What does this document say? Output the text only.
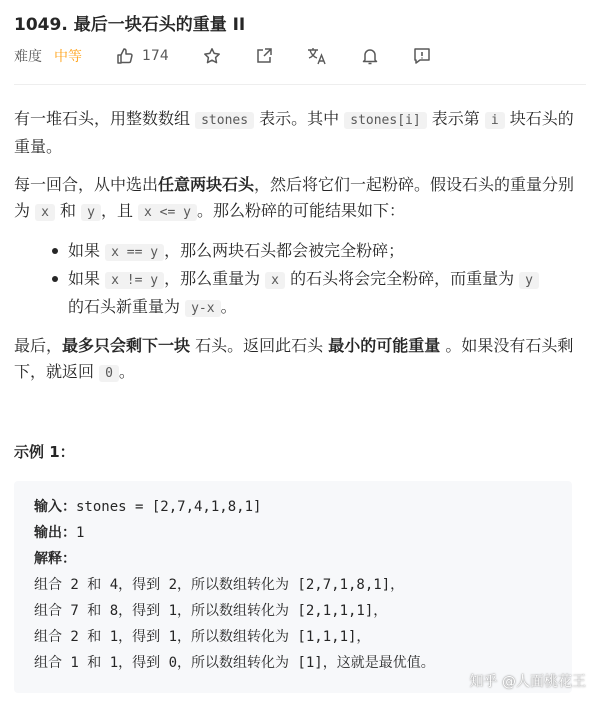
1049. 最后一块石头的重量 II
难度 中等	174
有一堆石头，用整数数组 stones 表示。其中 stones[i] 表示第 i 块石头的重量。
每一回合，从中选出任意两块石头，然后将它们一起粉碎。假设石头的重量分别为 x 和 y ，且 x <= y 。那么粉碎的可能结果如下：
如果 x == y ，那么两块石头都会被完全粉碎；
如果 x != y ，那么重量为 x 的石头将会完全粉碎，而重量为 y 的石头新重量为 y-x 。
最后，最多只会剩下一块 石头。返回此石头 最小的可能重量 。如果没有石头剩下，就返回 0 。
示例 1：
输入：stones = [2,7,4,1,8,1]
输出：1
解释：
组合 2 和 4，得到 2，所以数组转化为 [2,7,1,8,1]，
组合 7 和 8，得到 1，所以数组转化为 [2,1,1,1]，
组合 2 和 1，得到 1，所以数组转化为 [1,1,1]，
组合 1 和 1，得到 0，所以数组转化为 [1]，这就是最优值。
知乎 @人面桃花王
